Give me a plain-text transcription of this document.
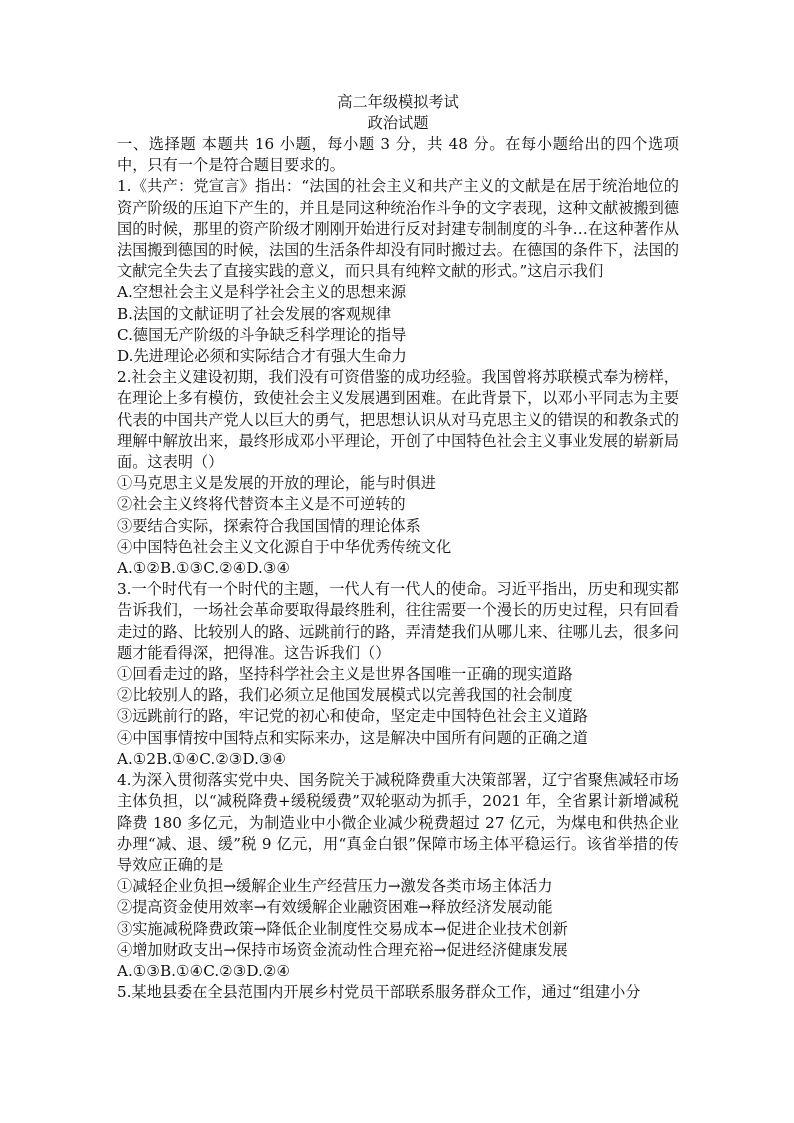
高二年级模拟考试
政治试题

一、选择题 本题共 16 小题，每小题 3 分，共 48 分。在每小题给出的四个选项中，只有一个是符合题目要求的。

1.《共产：党宣言》指出：“法国的社会主义和共产主义的文献是在居于统治地位的资产阶级的压迫下产生的，并且是同这种统治作斗争的文字表现，这种文献被搬到德国的时候，那里的资产阶级才刚刚开始进行反对封建专制制度的斗争…在这种著作从法国搬到德国的时候，法国的生活条件却没有同时搬过去。在德国的条件下，法国的文献完全失去了直接实践的意义，而只具有纯粹文献的形式。”这启示我们

A.空想社会主义是科学社会主义的思想来源

B.法国的文献证明了社会发展的客观规律

C.德国无产阶级的斗争缺乏科学理论的指导

D.先进理论必须和实际结合才有强大生命力

2.社会主义建设初期，我们没有可资借鉴的成功经验。我国曾将苏联模式奉为榜样，在理论上多有模仿，致使社会主义发展遇到困难。在此背景下，以邓小平同志为主要代表的中国共产党人以巨大的勇气，把思想认识从对马克思主义的错误的和教条式的理解中解放出来，最终形成邓小平理论，开创了中国特色社会主义事业发展的崭新局面。这表明（）

①马克思主义是发展的开放的理论，能与时俱进

②社会主义终将代替资本主义是不可逆转的

③要结合实际，探索符合我国国情的理论体系

④中国特色社会主义文化源自于中华优秀传统文化

A.①②B.①③C.②④D.③④

3.一个时代有一个时代的主题，一代人有一代人的使命。习近平指出，历史和现实都告诉我们，一场社会革命要取得最终胜利，往往需要一个漫长的历史过程，只有回看走过的路、比较别人的路、远跳前行的路，弄清楚我们从哪儿来、往哪儿去，很多问题才能看得深，把得准。这告诉我们（）

①回看走过的路，坚持科学社会主义是世界各国唯一正确的现实道路

②比较别人的路，我们必须立足他国发展模式以完善我国的社会制度

③远跳前行的路，牢记党的初心和使命，坚定走中国特色社会主义道路

④中国事情按中国特点和实际来办，这是解决中国所有问题的正确之道

A.①2B.①④C.②③D.③④

4.为深入贯彻落实党中央、国务院关于减税降费重大决策部署，辽宁省聚焦减轻市场主体负担，以“减税降费+缓税缓费”双轮驱动为抓手，2021 年，全省累计新增减税降费 180 多亿元，为制造业中小微企业减少税费超过 27 亿元，为煤电和供热企业办理“减、退、缓”税 9 亿元，用“真金白银”保障市场主体平稳运行。该省举措的传导效应正确的是

①减轻企业负担→缓解企业生产经营压力→激发各类市场主体活力

②提高资金使用效率→有效缓解企业融资困难→释放经济发展动能

③实施减税降费政策→降低企业制度性交易成本→促进企业技术创新

④增加财政支出→保持市场资金流动性合理充裕→促进经济健康发展

A.①③B.①④C.②③D.②④

5.某地县委在全县范围内开展乡村党员干部联系服务群众工作，通过“组建小分
